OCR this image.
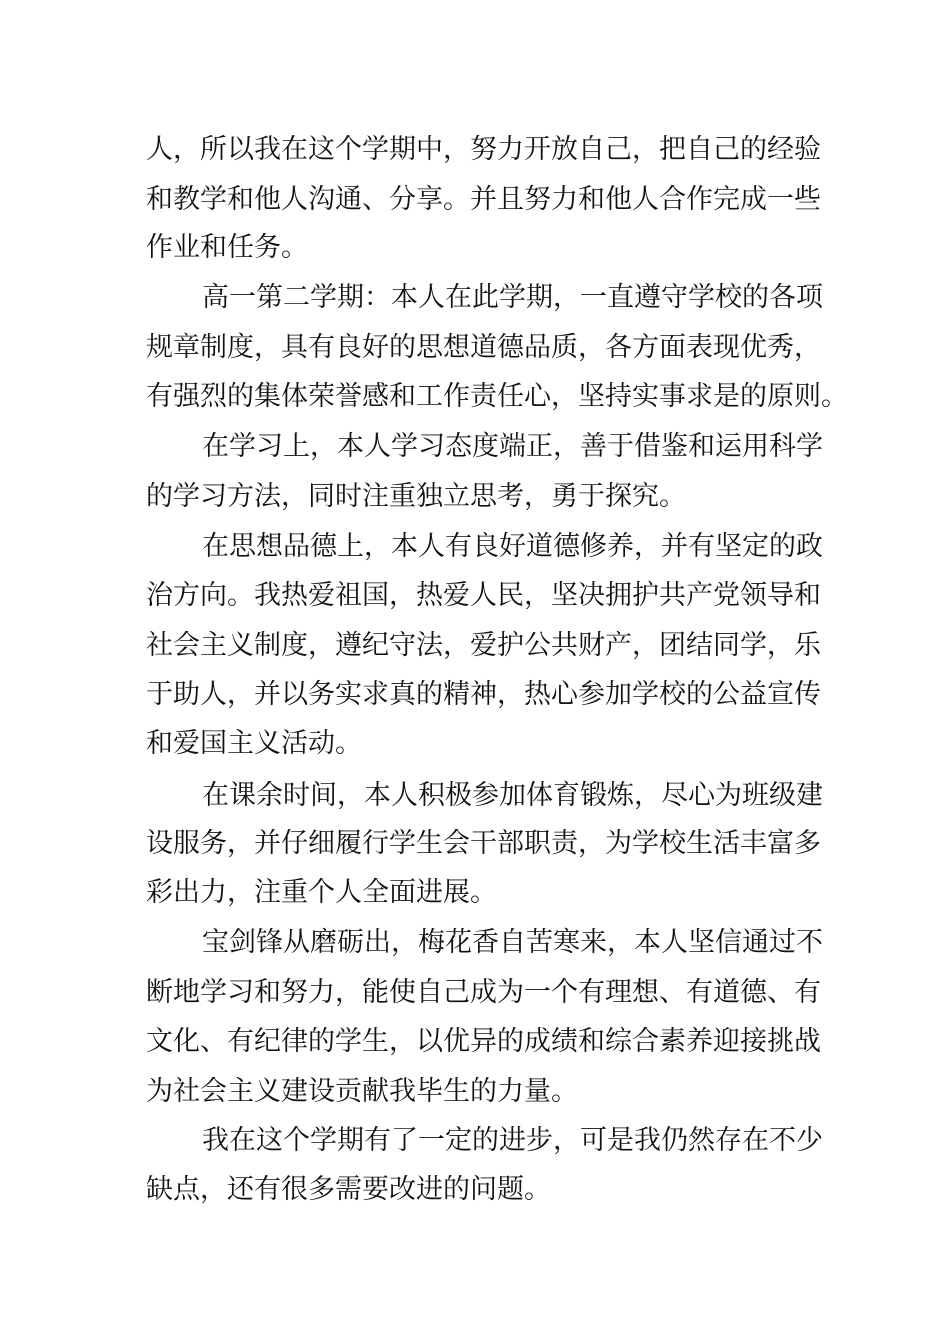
人，所以我在这个学期中，努力开放自己，把自己的经验
和教学和他人沟通、分享。并且努力和他人合作完成一些
作业和任务。
高一第二学期：本人在此学期，一直遵守学校的各项
规章制度，具有良好的思想道德品质，各方面表现优秀，
有强烈的集体荣誉感和工作责任心，坚持实事求是的原则。
在学习上，本人学习态度端正，善于借鉴和运用科学
的学习方法，同时注重独立思考，勇于探究。
在思想品德上，本人有良好道德修养，并有坚定的政
治方向。我热爱祖国，热爱人民，坚决拥护共产党领导和
社会主义制度，遵纪守法，爱护公共财产，团结同学，乐
于助人，并以务实求真的精神，热心参加学校的公益宣传
和爱国主义活动。
在课余时间，本人积极参加体育锻炼，尽心为班级建
设服务，并仔细履行学生会干部职责，为学校生活丰富多
彩出力，注重个人全面进展。
宝剑锋从磨砺出，梅花香自苦寒来，本人坚信通过不
断地学习和努力，能使自己成为一个有理想、有道德、有
文化、有纪律的学生，以优异的成绩和综合素养迎接挑战
为社会主义建设贡献我毕生的力量。
我在这个学期有了一定的进步，可是我仍然存在不少
缺点，还有很多需要改进的问题。
